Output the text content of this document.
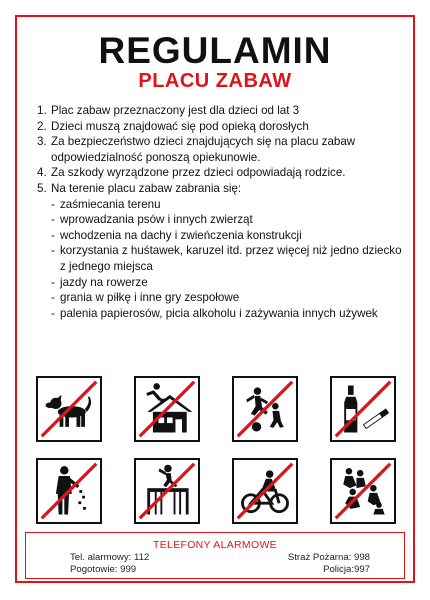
REGULAMIN
PLACU ZABAW
1. Plac zabaw przeznaczony jest dla dzieci od lat 3
2. Dzieci muszą znajdować się pod opieką dorosłych
3. Za bezpieczeństwo dzieci znajdujących się na placu zabaw odpowiedzialność ponoszą opiekunowie.
4. Za szkody wyrządzone przez dzieci odpowiadają rodzice.
5. Na terenie placu zabaw zabrania się:
- zaśmiecania terenu
- wprowadzania psów i innych zwierząt
- wchodzenia na dachy i zwieńczenia konstrukcji
- korzystania z huśtawek, karuzel itd. przez więcej niż jedno dziecko z jednego miejsca
- jazdy na rowerze
- grania w piłkę i inne gry zespołowe
- palenia papierosów, picia alkoholu i zażywania innych używek
TELEFONY ALARMOWE
Tel. alarmowy: 112	Straż Pożarna: 998
Pogotowie: 999	Policja:997
